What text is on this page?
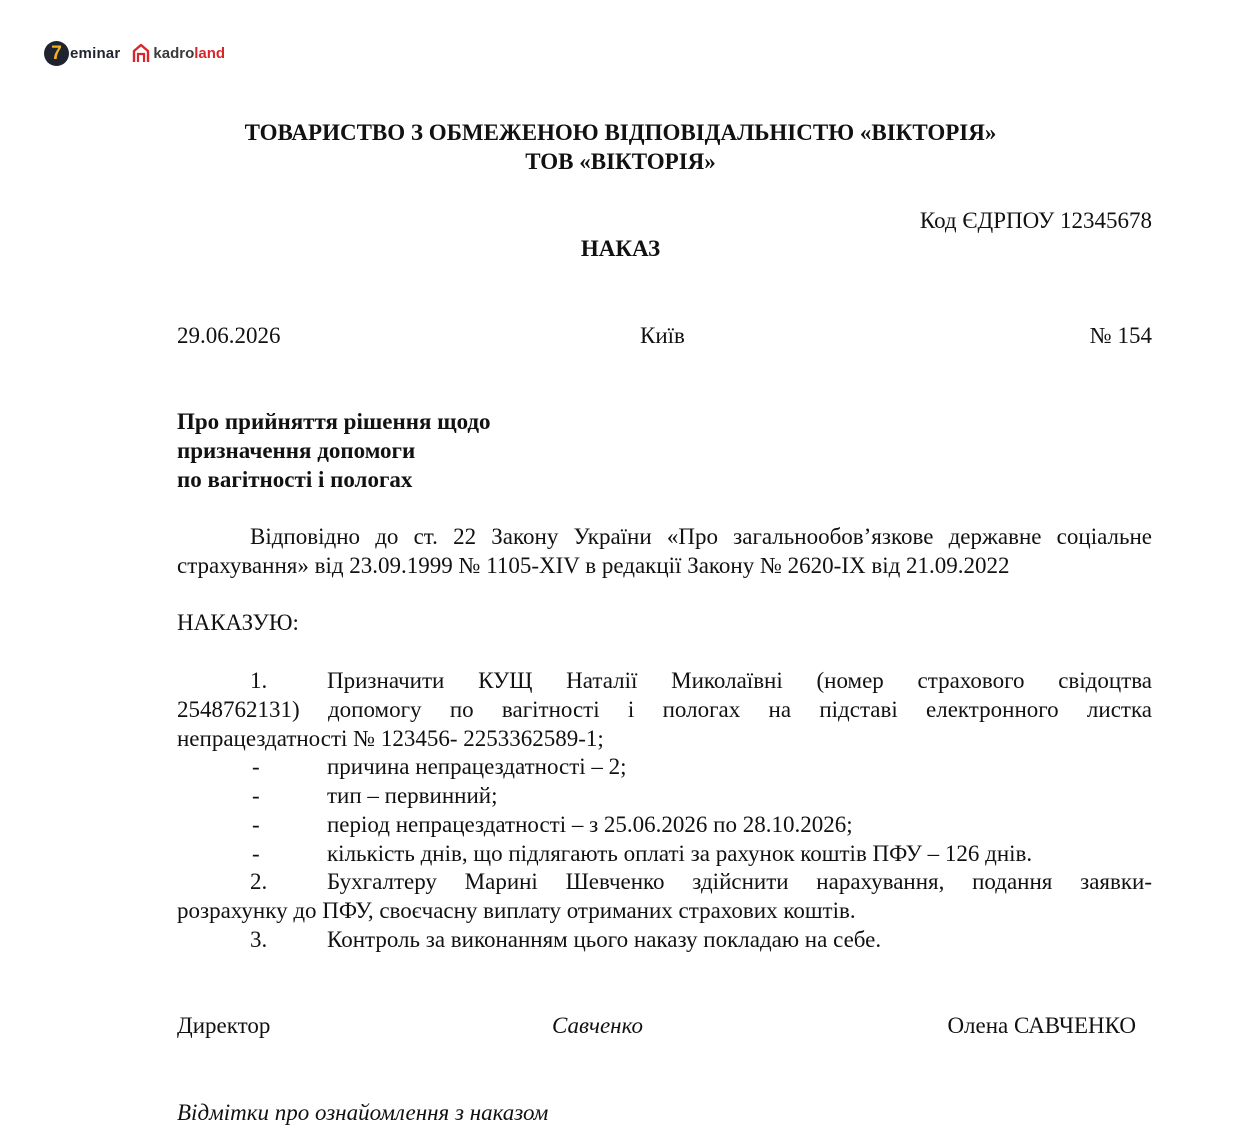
7 eminar kadroland
ТОВАРИСТВО З ОБМЕЖЕНОЮ ВІДПОВІДАЛЬНІСТЮ «ВІКТОРІЯ»
ТОВ «ВІКТОРІЯ»
Код ЄДРПОУ 12345678
НАКАЗ
29.06.2026	Київ	№ 154
Про прийняття рішення щодо
призначення допомоги
по вагітності і пологах
Відповідно до ст. 22 Закону України «Про загальнообов’язкове державне соціальне
страхування» від 23.09.1999 № 1105-XIV в редакції Закону № 2620-IX від 21.09.2022
НАКАЗУЮ:
1.	Призначити КУЩ Наталії Миколаївні (номер страхового свідоцтва
2548762131) допомогу по вагітності і пологах на підставі електронного листка
непрацездатності № 123456- 2253362589-1;
-	причина непрацездатності – 2;
-	тип – первинний;
-	період непрацездатності – з 25.06.2026 по 28.10.2026;
-	кількість днів, що підлягають оплаті за рахунок коштів ПФУ – 126 днів.
2.	Бухгалтеру Марині Шевченко здійснити нарахування, подання заявки-
розрахунку до ПФУ, своєчасну виплату отриманих страхових коштів.
3.	Контроль за виконанням цього наказу покладаю на себе.
Директор	Савченко	Олена САВЧЕНКО
Відмітки про ознайомлення з наказом
